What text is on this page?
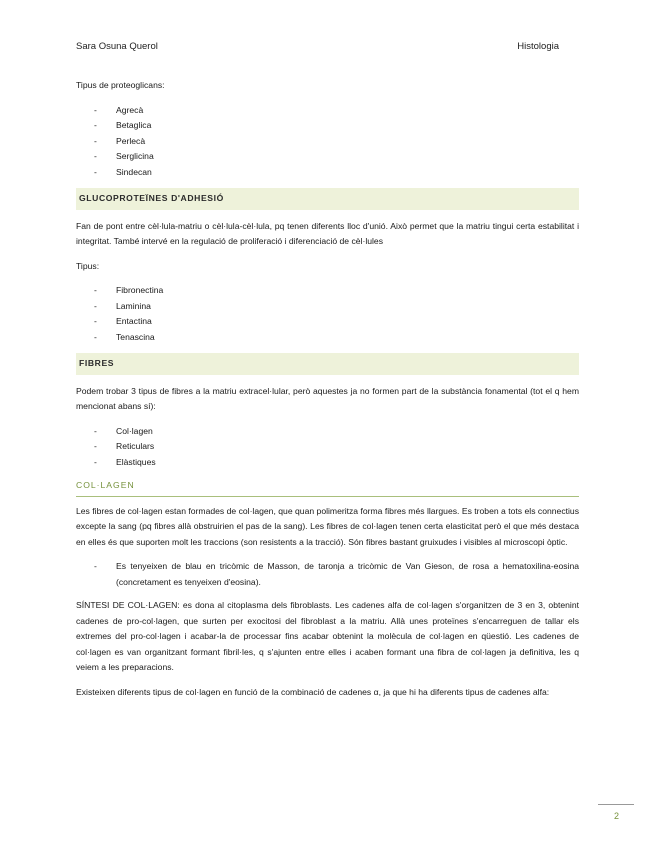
Sara Osuna Querol	Histologia

Tipus de proteoglicans:

- Agrecà
- Betaglica
- Perlecà
- Serglicina
- Sindecan
GLUCOPROTEÏNES D'ADHESIÓ

Fan de pont entre cèl·lula-matriu o cèl·lula-cèl·lula, pq tenen diferents lloc d'unió. Això permet que la matriu tingui certa estabilitat i integritat. També intervé en la regulació de proliferació i diferenciació de cèl·lules

Tipus:

- Fibronectina
- Laminina
- Entactina
- Tenascina
FIBRES

Podem trobar 3 tipus de fibres a la matriu extracel·lular, però aquestes ja no formen part de la substància fonamental (tot el q hem mencionat abans sí):

- Col·lagen
- Reticulars
- Elàstiques
COL·LAGEN

Les fibres de col·lagen estan formades de col·lagen, que quan polimeritza forma fibres més llargues. Es troben a tots els connectius excepte la sang (pq fibres allà obstruirien el pas de la sang). Les fibres de col·lagen tenen certa elasticitat però el que més destaca en elles és que suporten molt les traccions (son resistents a la tracció). Són fibres bastant gruixudes i visibles al microscopi òptic.

- Es tenyeixen de blau en tricòmic de Masson, de taronja a tricòmic de Van Gieson, de rosa a hematoxilina-eosina (concretament es tenyeixen d'eosina).

SÍNTESI DE COL·LAGEN: es dona al citoplasma dels fibroblasts. Les cadenes alfa de col·lagen s'organitzen de 3 en 3, obtenint cadenes de pro-col·lagen, que surten per exocitosi del fibroblast a la matriu. Allà unes proteïnes s'encarreguen de tallar els extremes del pro-col·lagen i acabar-la de processar fins acabar obtenint la molècula de col·lagen en qüestió. Les cadenes de col·lagen es van organitzant formant fibril·les, q s'ajunten entre elles i acaben formant una fibra de col·lagen ja definitiva, les q veiem a les preparacions.

Existeixen diferents tipus de col·lagen en funció de la combinació de cadenes α, ja que hi ha diferents tipus de cadenes alfa:

2
